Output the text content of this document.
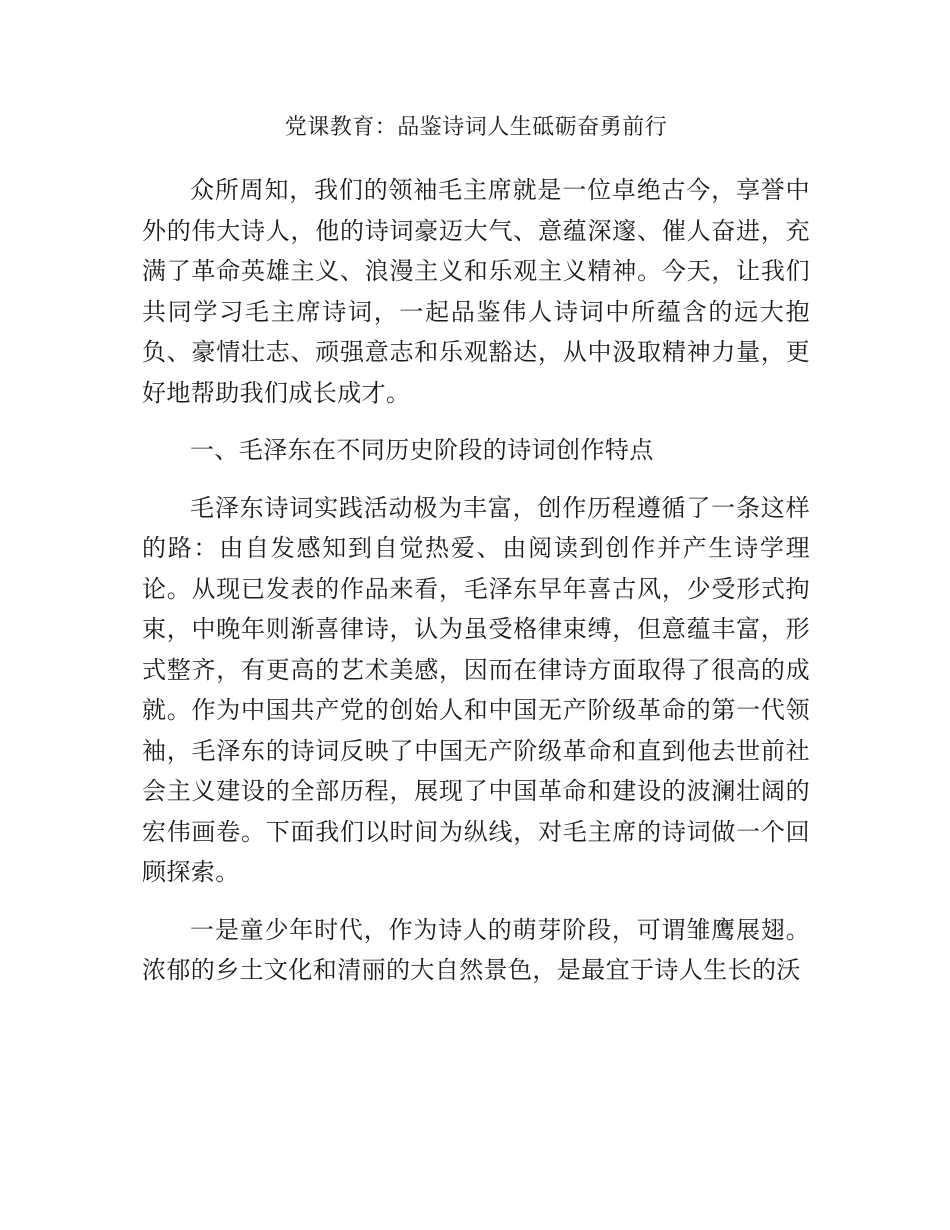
党课教育：品鉴诗词人生砥砺奋勇前行

众所周知，我们的领袖毛主席就是一位卓绝古今，享誉中外的伟大诗人，他的诗词豪迈大气、意蕴深邃、催人奋进，充满了革命英雄主义、浪漫主义和乐观主义精神。今天，让我们共同学习毛主席诗词，一起品鉴伟人诗词中所蕴含的远大抱负、豪情壮志、顽强意志和乐观豁达，从中汲取精神力量，更好地帮助我们成长成才。

一、毛泽东在不同历史阶段的诗词创作特点

毛泽东诗词实践活动极为丰富，创作历程遵循了一条这样的路：由自发感知到自觉热爱、由阅读到创作并产生诗学理论。从现已发表的作品来看，毛泽东早年喜古风，少受形式拘束，中晚年则渐喜律诗，认为虽受格律束缚，但意蕴丰富，形式整齐，有更高的艺术美感，因而在律诗方面取得了很高的成就。作为中国共产党的创始人和中国无产阶级革命的第一代领袖，毛泽东的诗词反映了中国无产阶级革命和直到他去世前社会主义建设的全部历程，展现了中国革命和建设的波澜壮阔的宏伟画卷。下面我们以时间为纵线，对毛主席的诗词做一个回顾探索。

一是童少年时代，作为诗人的萌芽阶段，可谓雏鹰展翅。浓郁的乡土文化和清丽的大自然景色，是最宜于诗人生长的沃
